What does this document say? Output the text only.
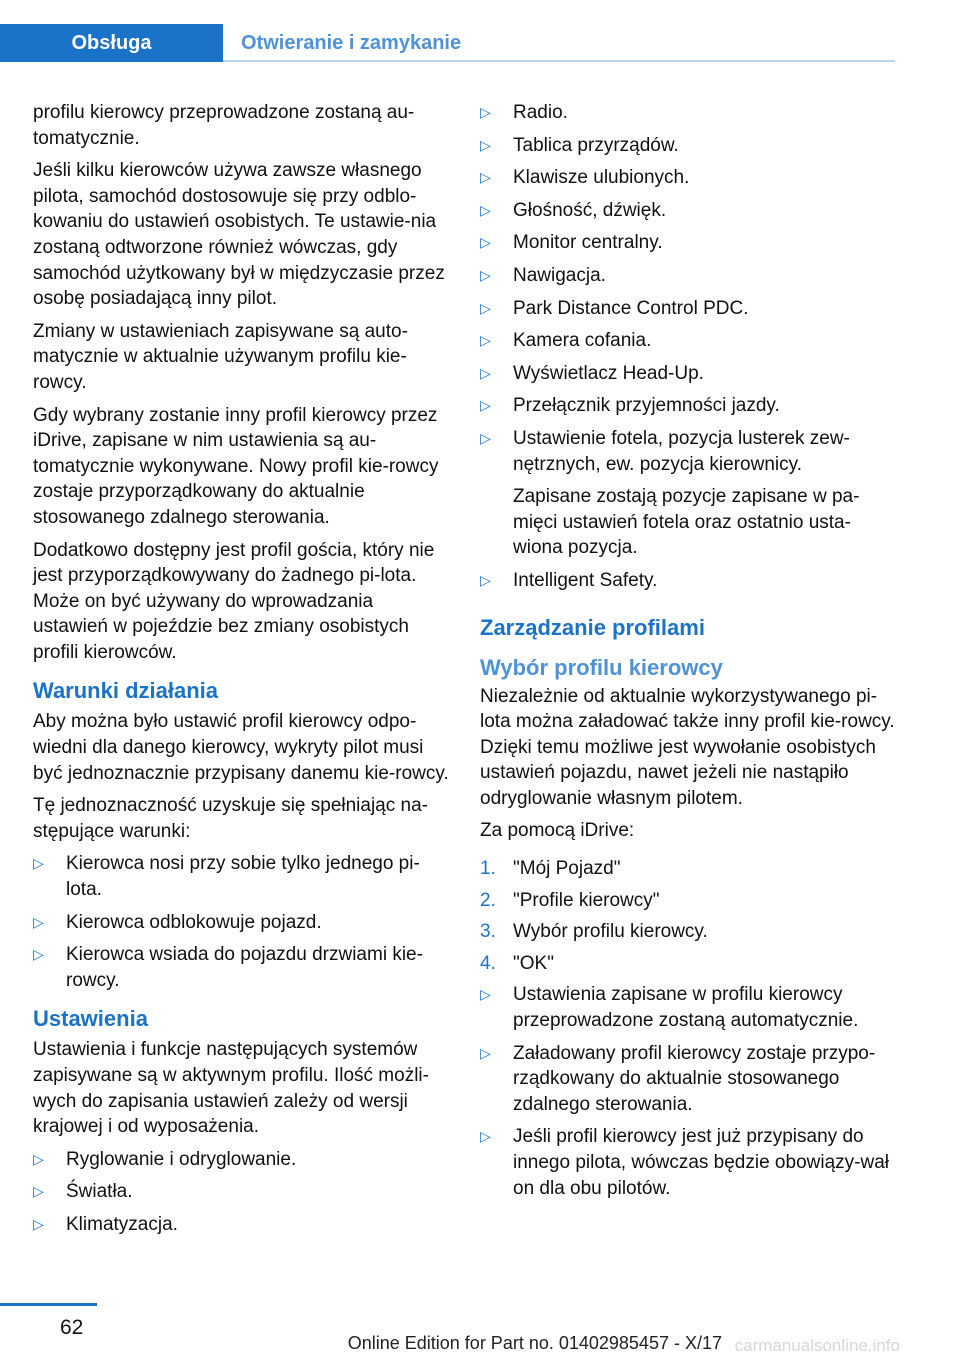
Obsługa	Otwieranie i zamykanie

profilu kierowcy przeprowadzone zostaną au‐tomatycznie.

Jeśli kilku kierowców używa zawsze własnego pilota, samochód dostosowuje się przy odblo‐kowaniu do ustawień osobistych. Te ustawie‐nia zostaną odtworzone również wówczas, gdy samochód użytkowany był w międzyczasie przez osobę posiadającą inny pilot.

Zmiany w ustawieniach zapisywane są auto‐matycznie w aktualnie używanym profilu kie‐rowcy.

Gdy wybrany zostanie inny profil kierowcy przez iDrive, zapisane w nim ustawienia są au‐tomatycznie wykonywane. Nowy profil kie‐rowcy zostaje przyporządkowany do aktualnie stosowanego zdalnego sterowania.

Dodatkowo dostępny jest profil gościa, który nie jest przyporządkowywany do żadnego pi‐lota. Może on być używany do wprowadzania ustawień w pojeździe bez zmiany osobistych profili kierowców.

Warunki działania

Aby można było ustawić profil kierowcy odpo‐wiedni dla danego kierowcy, wykryty pilot musi być jednoznacznie przypisany danemu kie‐rowcy.

Tę jednoznaczność uzyskuje się spełniając na‐stępujące warunki:

▷ Kierowca nosi przy sobie tylko jednego pi‐lota.
▷ Kierowca odblokowuje pojazd.
▷ Kierowca wsiada do pojazdu drzwiami kie‐rowcy.
Ustawienia

Ustawienia i funkcje następujących systemów zapisywane są w aktywnym profilu. Ilość możli‐wych do zapisania ustawień zależy od wersji krajowej i od wyposażenia.

▷ Ryglowanie i odryglowanie.
▷ Światła.
▷ Klimatyzacja.
▷ Radio.
▷ Tablica przyrządów.
▷ Klawisze ulubionych.
▷ Głośność, dźwięk.
▷ Monitor centralny.
▷ Nawigacja.
▷ Park Distance Control PDC.
▷ Kamera cofania.
▷ Wyświetlacz Head-Up.
▷ Przełącznik przyjemności jazdy.
▷ Ustawienie fotela, pozycja lusterek zew‐nętrznych, ew. pozycja kierownicy.
Zapisane zostają pozycje zapisane w pa‐mięci ustawień fotela oraz ostatnio usta‐wiona pozycja.
▷ Intelligent Safety.
Zarządzanie profilami
Wybór profilu kierowcy

Niezależnie od aktualnie wykorzystywanego pi‐lota można załadować także inny profil kie‐rowcy. Dzięki temu możliwe jest wywołanie osobistych ustawień pojazdu, nawet jeżeli nie nastąpiło odryglowanie własnym pilotem.

Za pomocą iDrive:

1. "Mój Pojazd"
2. "Profile kierowcy"
3. Wybór profilu kierowcy.
4. "OK"
▷ Ustawienia zapisane w profilu kierowcy przeprowadzone zostaną automatycznie.
▷ Załadowany profil kierowcy zostaje przypo‐rządkowany do aktualnie stosowanego zdalnego sterowania.
▷ Jeśli profil kierowcy jest już przypisany do innego pilota, wówczas będzie obowiązy‐wał on dla obu pilotów.
62
Online Edition for Part no. 01402985457 - X/17 carmanualsonline.info
